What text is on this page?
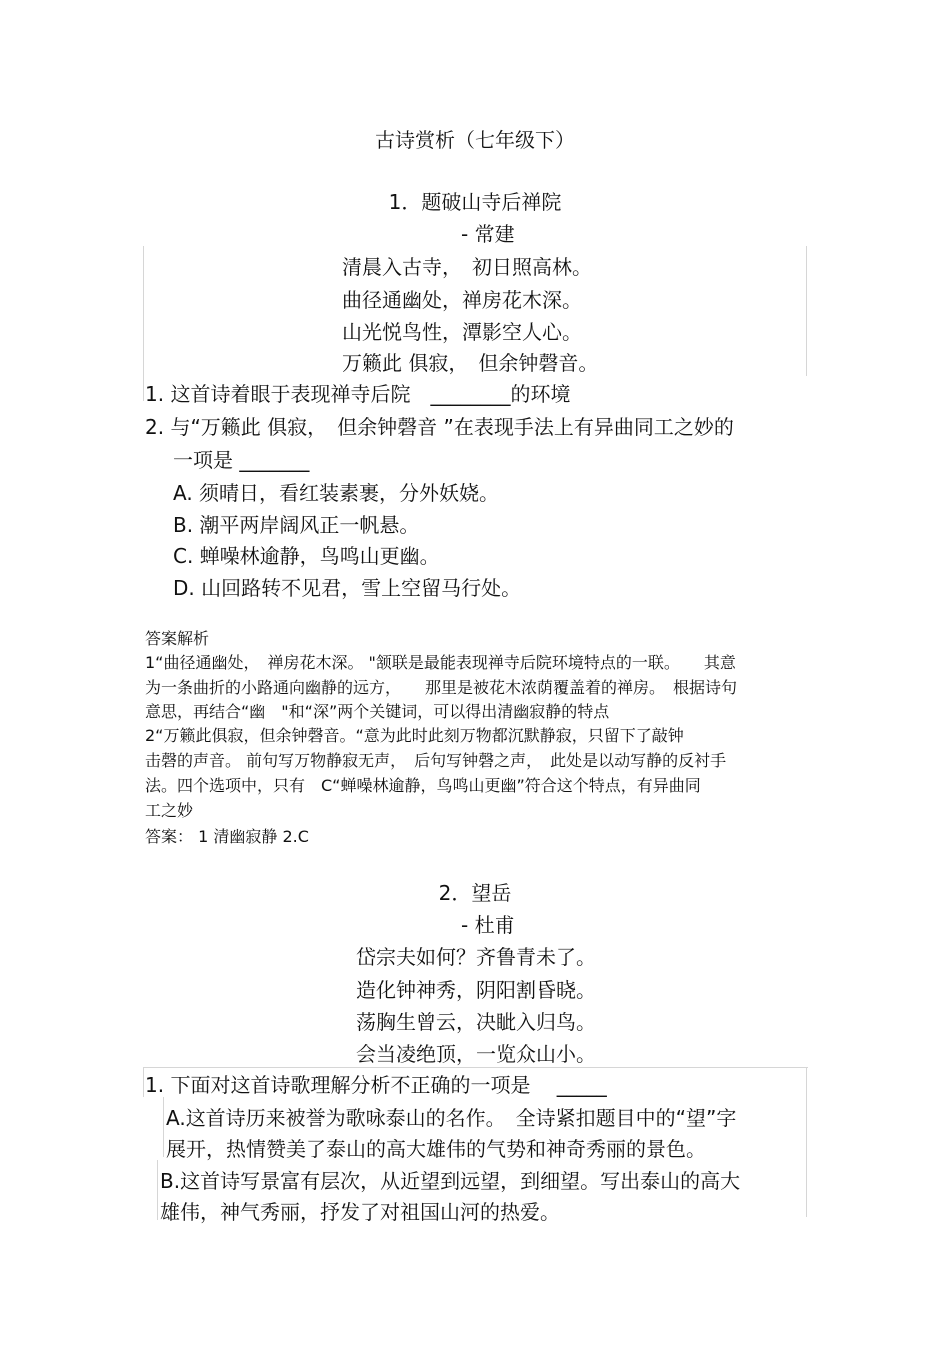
古诗赏析（七年级下）
1．题破山寺后禅院
- 常建
清晨入古寺，　初日照高林。
曲径通幽处，禅房花木深。
山光悦鸟性，潭影空人心。
万籁此 俱寂，　但余钟磬音。
1. 这首诗着眼于表现禅寺后院　________的环境
2. 与“万籁此 俱寂，　但余钟磬音 ”在表现手法上有异曲同工之妙的
一项是 _______
A. 须晴日，看红装素裹，分外妖娆。
B. 潮平两岸阔风正一帆悬。
C. 蝉噪林逾静，鸟鸣山更幽。
D. 山回路转不见君，雪上空留马行处。
答案解析
1“曲径通幽处，　禅房花木深。 "颔联是最能表现禅寺后院环境特点的一联。　　其意
为一条曲折的小路通向幽静的远方，　　那里是被花木浓荫覆盖着的禅房。　根据诗句
意思，再结合“幽　"和“深”两个关键词，可以得出清幽寂静的特点
2“万籁此俱寂，但余钟磬音。“意为此时此刻万物都沉默静寂，只留下了敲钟
击磬的声音。 前句写万物静寂无声，　后句写钟磬之声，　此处是以动写静的反衬手
法。四个选项中，只有　C“蝉噪林逾静，鸟鸣山更幽”符合这个特点，有异曲同
工之妙
答案： 1 清幽寂静 2.C
2．望岳
- 杜甫
岱宗夫如何？齐鲁青未了。
造化钟神秀，阴阳割昏晓。
荡胸生曾云，决眦入归鸟。
会当凌绝顶，一览众山小。
1. 下面对这首诗歌理解分析不正确的一项是　 _____
A.这首诗历来被誉为歌咏泰山的名作。　全诗紧扣题目中的“望”字
展开，热情赞美了泰山的高大雄伟的气势和神奇秀丽的景色。
B.这首诗写景富有层次，从近望到远望，到细望。写出泰山的高大
雄伟，神气秀丽，抒发了对祖国山河的热爱。
